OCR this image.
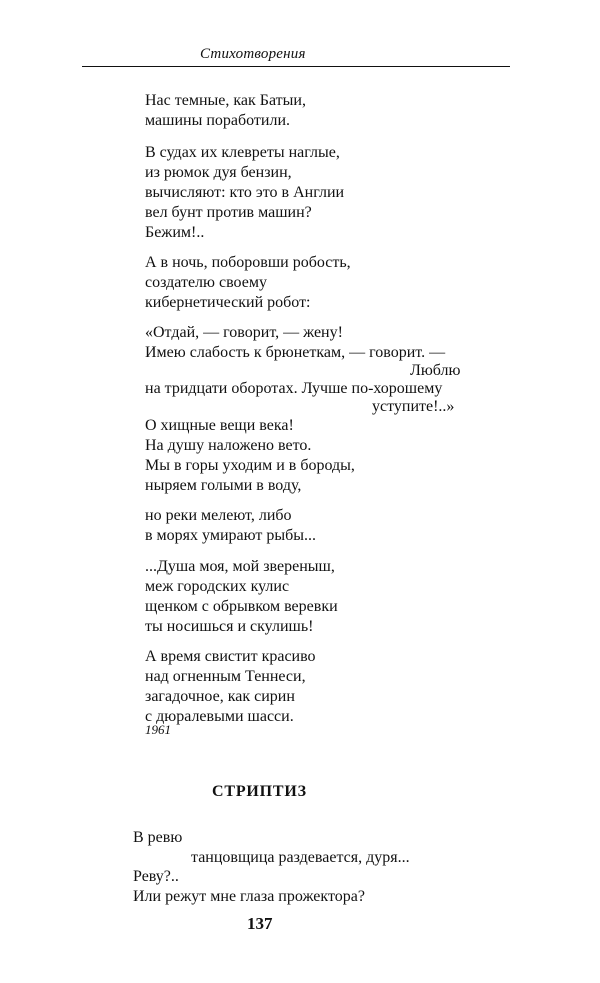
Стихотворения
Нас темные, как Батыи,
машины поработили.
В судах их клевреты наглые,
из рюмок дуя бензин,
вычисляют: кто это в Англии
вел бунт против машин?
Бежим!..
А в ночь, поборовши робость,
создателю своему
кибернетический робот:
«Отдай, — говорит, — жену!
Имею слабость к брюнеткам, — говорит. —
Люблю
на тридцати оборотах. Лучше по-хорошему
уступите!..»
О хищные вещи века!
На душу наложено вето.
Мы в горы уходим и в бороды,
ныряем голыми в воду,
но реки мелеют, либо
в морях умирают рыбы...
...Душа моя, мой звереныш,
меж городских кулис
щенком с обрывком веревки
ты носишься и скулишь!
А время свистит красиво
над огненным Теннеси,
загадочное, как сирин
с дюралевыми шасси.
1961
СТРИПТИЗ
В ревю
танцовщица раздевается, дуря...
Реву?..
Или режут мне глаза прожектора?
137
